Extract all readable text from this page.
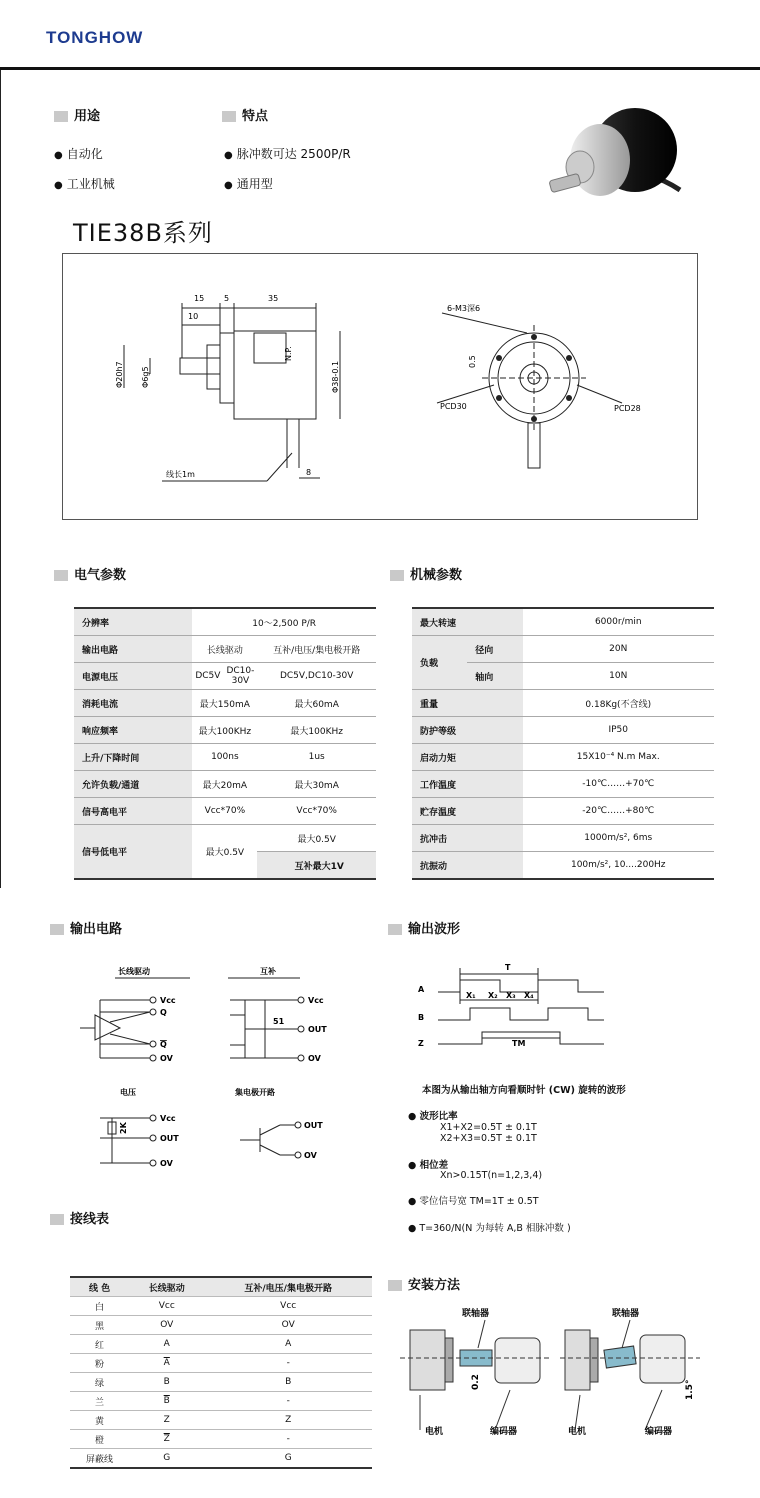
TONGHOW
用途	特点
● 自动化
● 工业机械
● 脉冲数可达 2500P/R
● 通用型
TIE38B系列
15 5	35
10
N.P.
Φ20h7 Φ6g5	Φ38-0.1
线长1m	8
6-M3深6
0.5
PCD30	PCD28
电气参数
分辨率	10～2,500 P/R		
输出电路	长线驱动		互补/电压/集电极开路
电源电压	DC5V	DC10-30V	DC5V,DC10-30V
消耗电流	最大150mA		最大60mA
响应频率	最大100KHz		最大100KHz
上升/下降时间	100ns		1us
允许负载/通道	最大20mA		最大30mA
信号高电平	Vcc*70%		Vcc*70%
信号低电平	最大0.5V		最大0.5V
			互补最大1V
机械参数
最大转速		6000r/min
负载	径向	20N
	轴向	10N
重量		0.18Kg(不含线)
防护等级		IP50
启动力矩		15X10⁻⁴ N.m Max.
工作温度		-10℃……+70℃
贮存温度		-20℃……+80℃
抗冲击		1000m/s², 6ms
抗振动		100m/s², 10....200Hz
输出电路
长线驱动	互补
Vcc
Q
Q
OV
Vcc
OUT
OV
51
电压	集电极开路
Vcc
OUT
OV
2K	OUT
OV
输出波形
A
B
Z
T
X₁ X₂ X₃ X₄
TM
本图为从输出轴方向看顺时针 (CW) 旋转的波形
● 波形比率
X1+X2=0.5T ± 0.1T
X2+X3=0.5T ± 0.1T
● 相位差
Xn>0.15T(n=1,2,3,4)
● 零位信号宽 TM=1T ± 0.5T
● T=360/N(N 为每转 A,B 相脉冲数 )
接线表
线 色	长线驱动	互补/电压/集电极开路
白	Vcc	Vcc
黑	OV	OV
红	A	A
粉	$\overline{A}$	-
绿	B	B
兰	$\overline{B}$	-
黄	Z	Z
橙	$\overline{Z}$	-
屏蔽线	G	G
安装方法
联轴器	联轴器
电机	编码器	电机	编码器
0.2	1.5°
